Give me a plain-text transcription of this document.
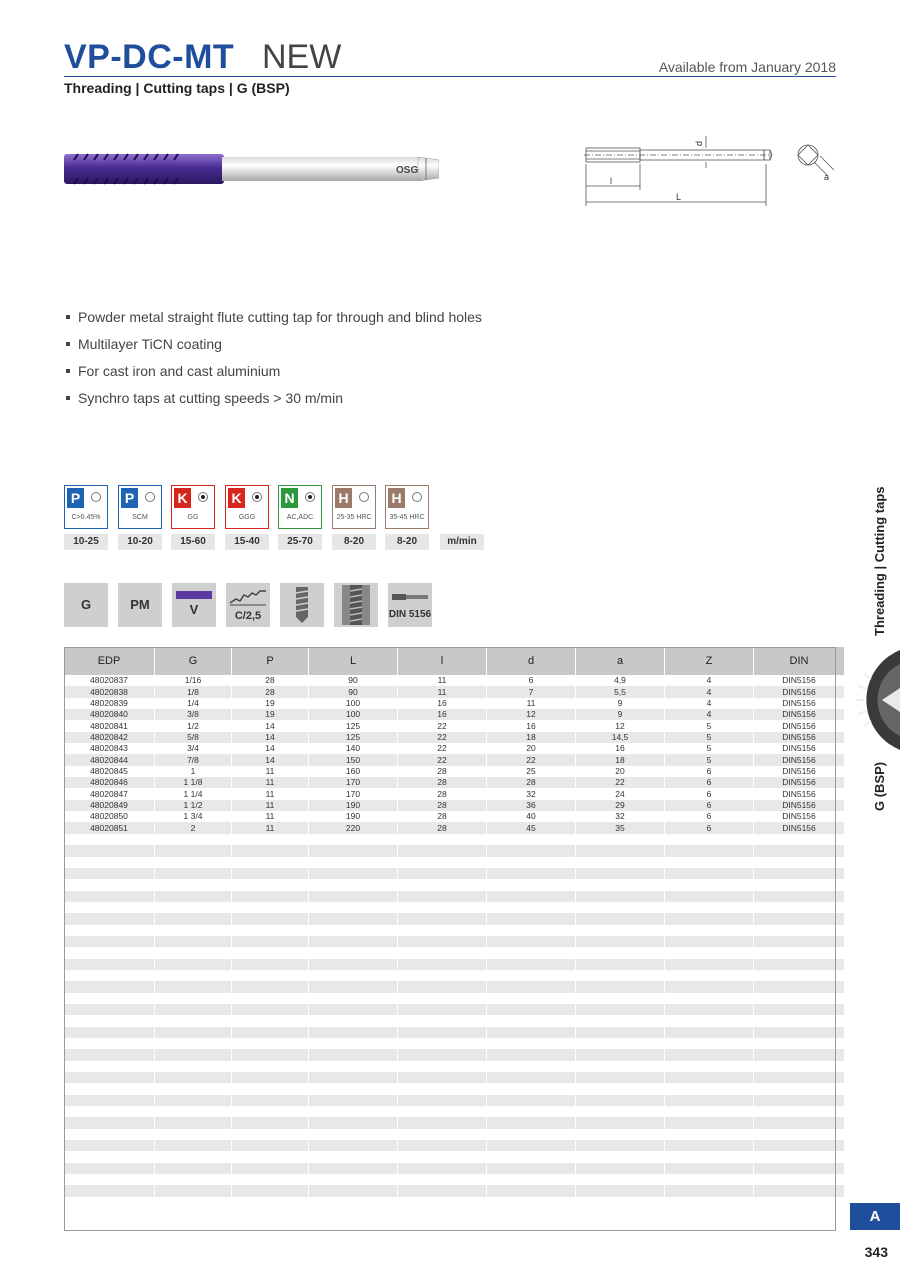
VP-DC-MT NEW	Available from January 2018
Threading | Cutting taps | G (BSP)
OSG
d
l
L
a
Powder metal straight flute cutting tap for through and blind holes
Multilayer TiCN coating
For cast iron and cast aluminium
Synchro taps at cutting speeds > 30 m/min
P
C>0.45%
10-25
P
SCM
10-20
K
GG
15-60
K
GGG
15-40
N
AC,ADC
25-70
H
25-35 HRC
8-20
H
35-45 HRC
8-20	m/min
G	PM	V	C/2,5	DIN 5156
EDP	G	P	L	l	d	a	Z	DIN
48020837	1/16	28	90	11	6	4,9	4	DIN5156
48020838	1/8	28	90	11	7	5,5	4	DIN5156
48020839	1/4	19	100	16	11	9	4	DIN5156
48020840	3/8	19	100	16	12	9	4	DIN5156
48020841	1/2	14	125	22	16	12	5	DIN5156
48020842	5/8	14	125	22	18	14,5	5	DIN5156
48020843	3/4	14	140	22	20	16	5	DIN5156
48020844	7/8	14	150	22	22	18	5	DIN5156
48020845	1	11	160	28	25	20	6	DIN5156
48020846	1 1/8	11	170	28	28	22	6	DIN5156
48020847	1 1/4	11	170	28	32	24	6	DIN5156
48020849	1 1/2	11	190	28	36	29	6	DIN5156
48020850	1 3/4	11	190	28	40	32	6	DIN5156
48020851	2	11	220	28	45	35	6	DIN5156

Threading | Cutting taps
G (BSP)
A
343
